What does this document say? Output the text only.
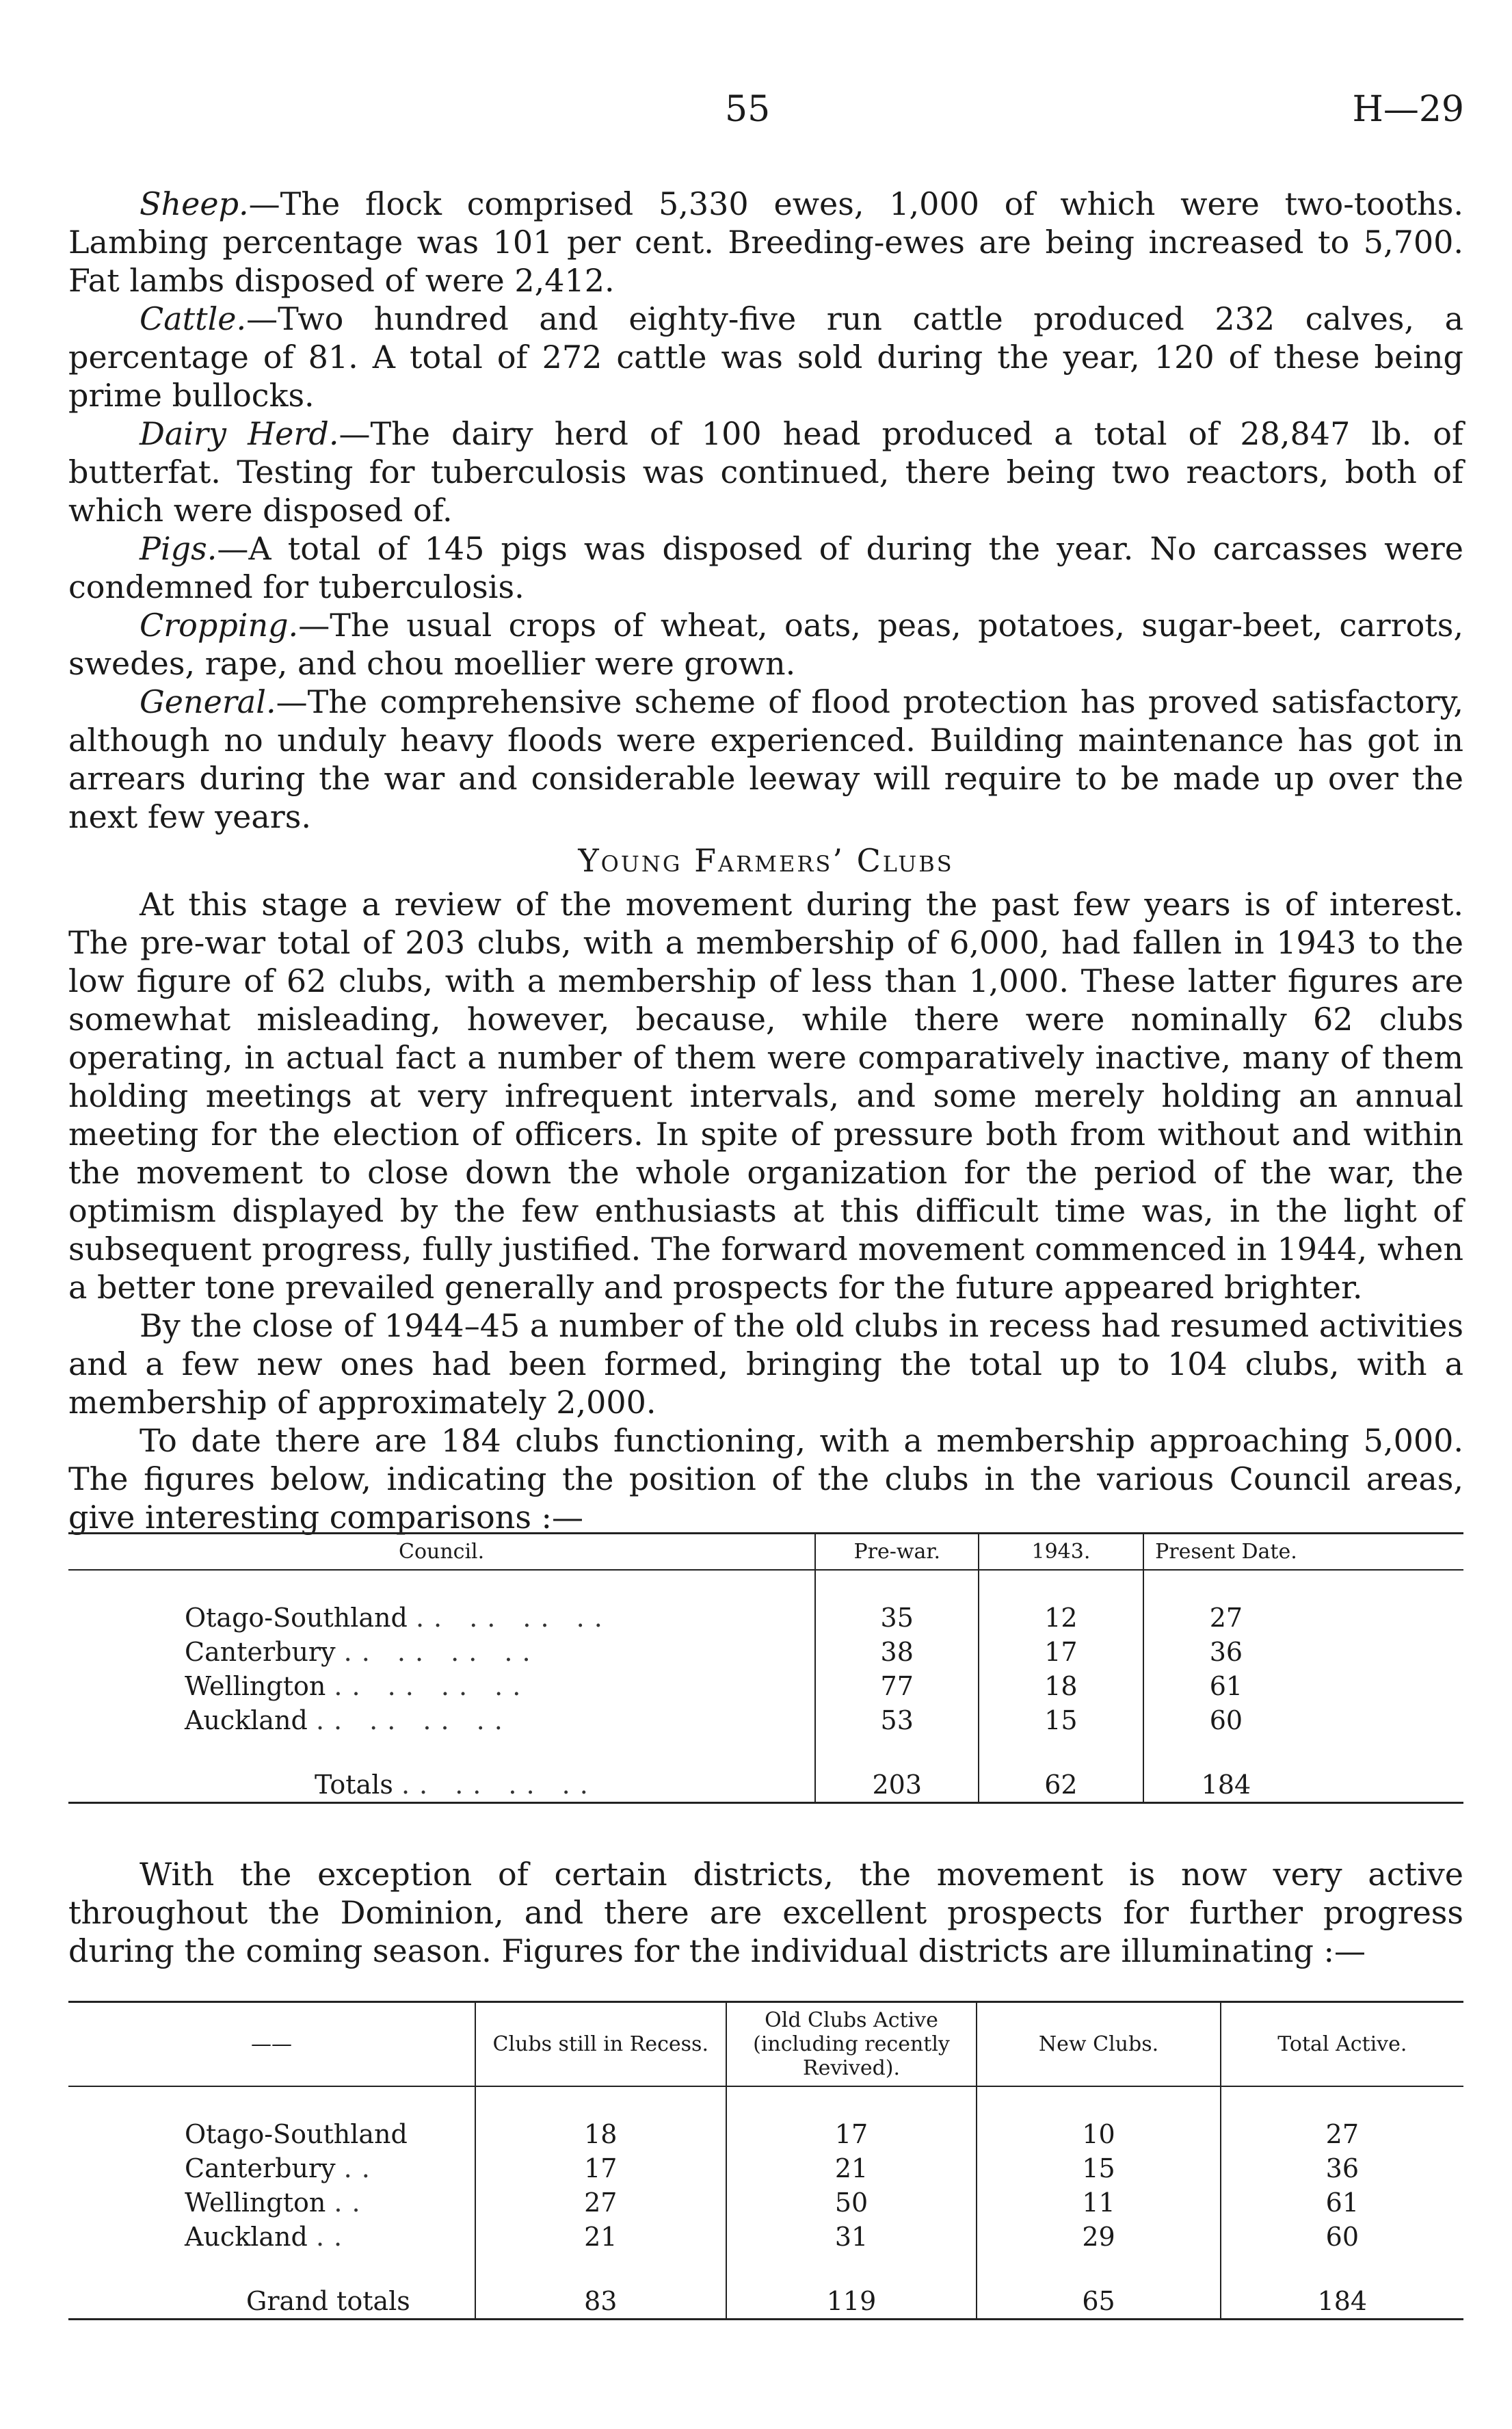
55	H—29

Sheep.—The flock comprised 5,330 ewes, 1,000 of which were two-tooths. Lambing percentage was 101 per cent. Breeding-ewes are being increased to 5,700. Fat lambs disposed of were 2,412.

Cattle.—Two hundred and eighty-five run cattle produced 232 calves, a percentage of 81. A total of 272 cattle was sold during the year, 120 of these being prime bullocks.

Dairy Herd.—The dairy herd of 100 head produced a total of 28,847 lb. of butterfat. Testing for tuberculosis was continued, there being two reactors, both of which were disposed of.

Pigs.—A total of 145 pigs was disposed of during the year. No carcasses were condemned for tuberculosis.

Cropping.—The usual crops of wheat, oats, peas, potatoes, sugar-beet, carrots, swedes, rape, and chou moellier were grown.

General.—The comprehensive scheme of flood protection has proved satisfactory, although no unduly heavy floods were experienced. Building maintenance has got in arrears during the war and considerable leeway will require to be made up over the next few years.

Young Farmers’ Clubs

At this stage a review of the movement during the past few years is of interest. The pre-war total of 203 clubs, with a membership of 6,000, had fallen in 1943 to the low figure of 62 clubs, with a membership of less than 1,000. These latter figures are somewhat misleading, however, because, while there were nominally 62 clubs operating, in actual fact a number of them were comparatively inactive, many of them holding meetings at very infrequent intervals, and some merely holding an annual meeting for the election of officers. In spite of pressure both from without and within the movement to close down the whole organization for the period of the war, the optimism displayed by the few enthusiasts at this difficult time was, in the light of subsequent progress, fully justified. The forward movement commenced in 1944, when a better tone prevailed generally and prospects for the future appeared brighter.

By the close of 1944–45 a number of the old clubs in recess had resumed activities and a few new ones had been formed, bringing the total up to 104 clubs, with a membership of approximately 2,000.

To date there are 184 clubs functioning, with a membership approaching 5,000. The figures below, indicating the position of the clubs in the various Council areas, give interesting comparisons :—

Council.	Pre-war.	1943.	Present Date.	

Otago-Southland .. .. .. ..	35	12	27	
Canterbury .. .. .. ..	38	17	36	
Wellington .. .. .. ..	77	18	61	
Auckland .. .. .. ..	53	15	60	

Totals .. .. .. ..	203	62	184	

With the exception of certain districts, the movement is now very active throughout the Dominion, and there are excellent prospects for further progress during the coming season. Figures for the individual districts are illuminating :—

——	Clubs still in Recess.	Old Clubs Active (including recently Revived).	New Clubs.	Total Active.

Otago-Southland	18	17	10	27
Canterbury ..	17	21	15	36
Wellington ..	27	50	11	61
Auckland ..	21	31	29	60

Grand totals	83	119	65	184
